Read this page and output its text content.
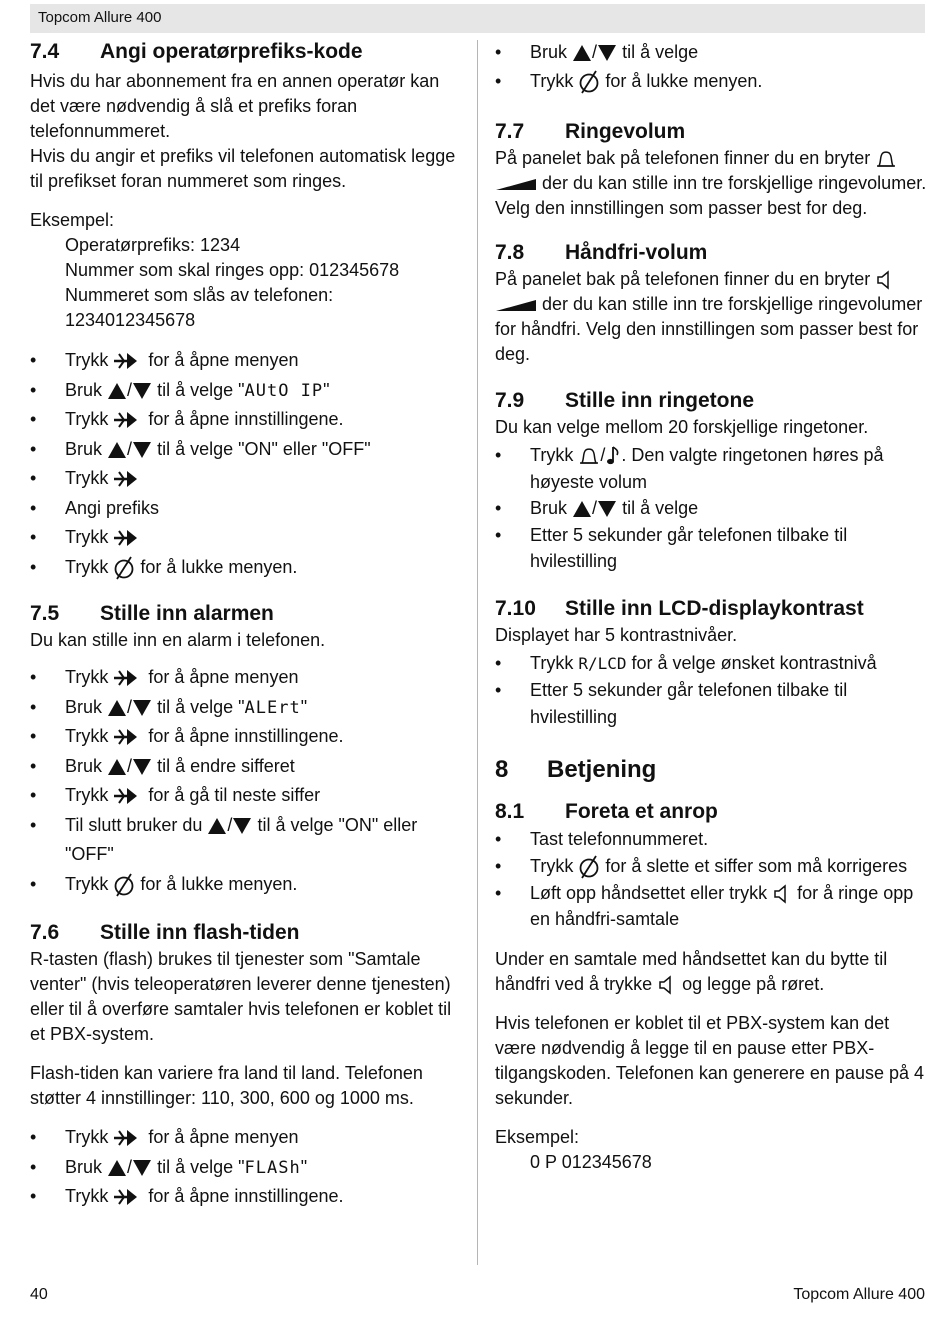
Topcom Allure 400
7.4	Angi operatørprefiks-kode

Hvis du har abonnement fra en annen operatør kan det være nødvendig å slå et prefiks foran telefonnummeret.

Hvis du angir et prefiks vil telefonen automatisk legge til prefikset foran nummeret som ringes.

Eksempel:

Operatørprefiks: 1234

Nummer som skal ringes opp: 012345678

Nummeret som slås av telefonen:

1234012345678

• Trykk for å åpne menyen
• Bruk / til å velge "AUtO IP"
• Trykk for å åpne innstillingene.
• Bruk / til å velge "ON" eller "OFF"
• Trykk
• Angi prefiks
• Trykk
• Trykk for å lukke menyen.
7.5	Stille inn alarmen

Du kan stille inn en alarm i telefonen.

• Trykk for å åpne menyen
• Bruk / til å velge "ALErt"
• Trykk for å åpne innstillingene.
• Bruk / til å endre sifferet
• Trykk for å gå til neste siffer
• Til slutt bruker du / til å velge "ON" eller "OFF"
• Trykk for å lukke menyen.
7.6	Stille inn flash-tiden

R-tasten (flash) brukes til tjenester som "Samtale venter" (hvis teleoperatøren leverer denne tjenesten) eller til å overføre samtaler hvis telefonen er koblet til et PBX-system.

Flash-tiden kan variere fra land til land. Telefonen støtter 4 innstillinger: 110, 300, 600 og 1000 ms.

• Trykk for å åpne menyen
• Bruk / til å velge "FLASh"
• Trykk for å åpne innstillingene.
• Bruk / til å velge
• Trykk for å lukke menyen.
7.7	Ringevolum

På panelet bak på telefonen finner du en bryter

der du kan stille inn tre forskjellige ringevolumer. Velg den innstillingen som passer best for deg.

7.8	Håndfri-volum

På panelet bak på telefonen finner du en bryter

der du kan stille inn tre forskjellige ringevolumer for håndfri. Velg den innstillingen som passer best for deg.

7.9	Stille inn ringetone

Du kan velge mellom 20 forskjellige ringetoner.

• Trykk / . Den valgte ringetonen høres på høyeste volum
• Bruk / til å velge
• Etter 5 sekunder går telefonen tilbake til hvilestilling
7.10	Stille inn LCD-displaykontrast

Displayet har 5 kontrastnivåer.

• Trykk R/LCD for å velge ønsket kontrastnivå
• Etter 5 sekunder går telefonen tilbake til hvilestilling
8	Betjening
8.1	Foreta et anrop
• Tast telefonnummeret.
• Trykk for å slette et siffer som må korrigeres
• Løft opp håndsettet eller trykk for å ringe opp en håndfri-samtale

Under en samtale med håndsettet kan du bytte til håndfri ved å trykke og legge på røret.

Hvis telefonen er koblet til et PBX-system kan det være nødvendig å legge til en pause etter PBX-tilgangskoden. Telefonen kan generere en pause på 4 sekunder.

Eksempel:

0 P 012345678

40	Topcom Allure 400
